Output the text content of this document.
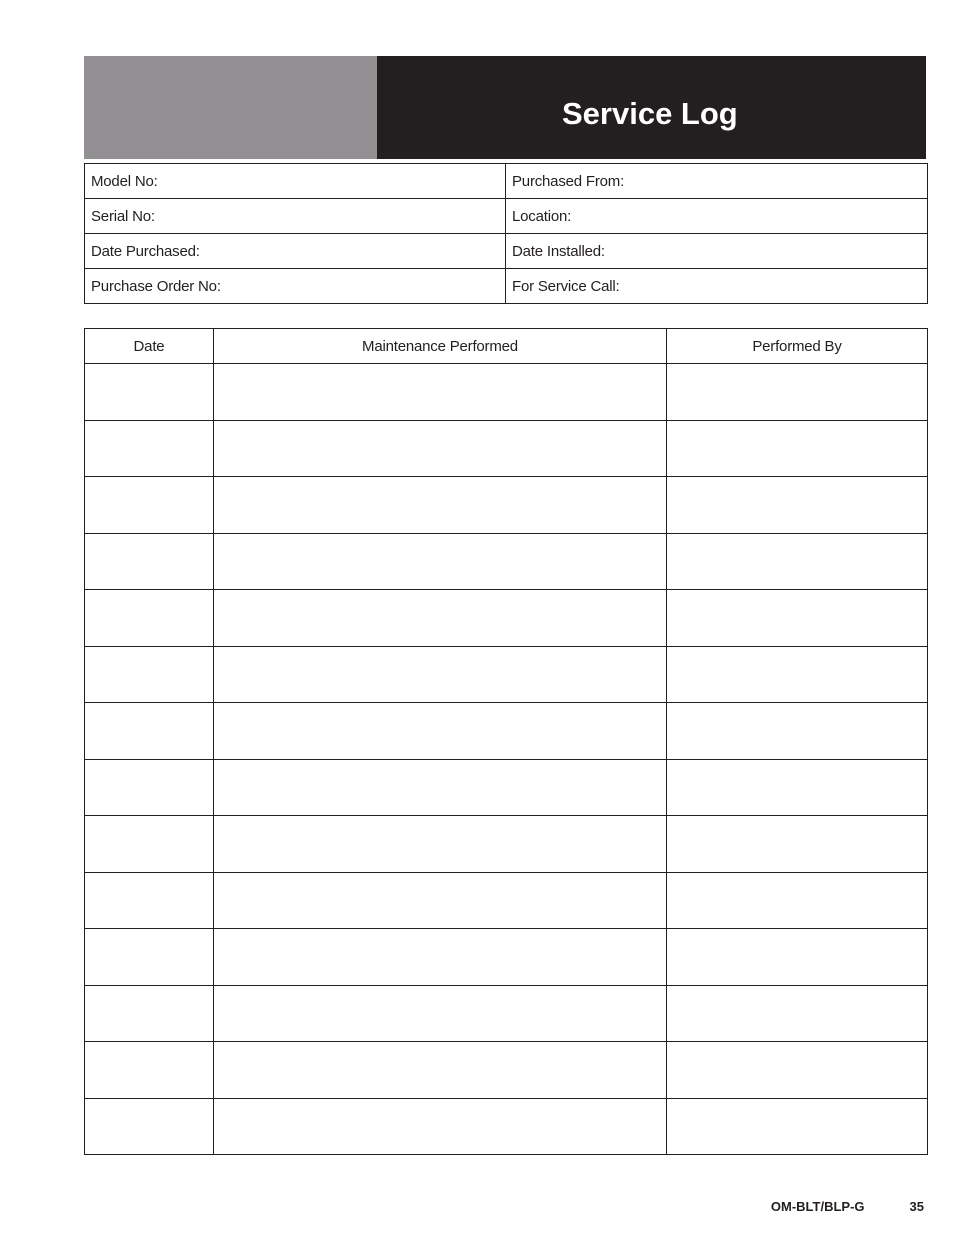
Service Log
Model No:	Purchased From:
Serial No:	Location:
Date Purchased:	Date Installed:
Purchase Order No:	For Service Call:
Date	Maintenance Performed	Performed By

OM-BLT/BLP-G	35
